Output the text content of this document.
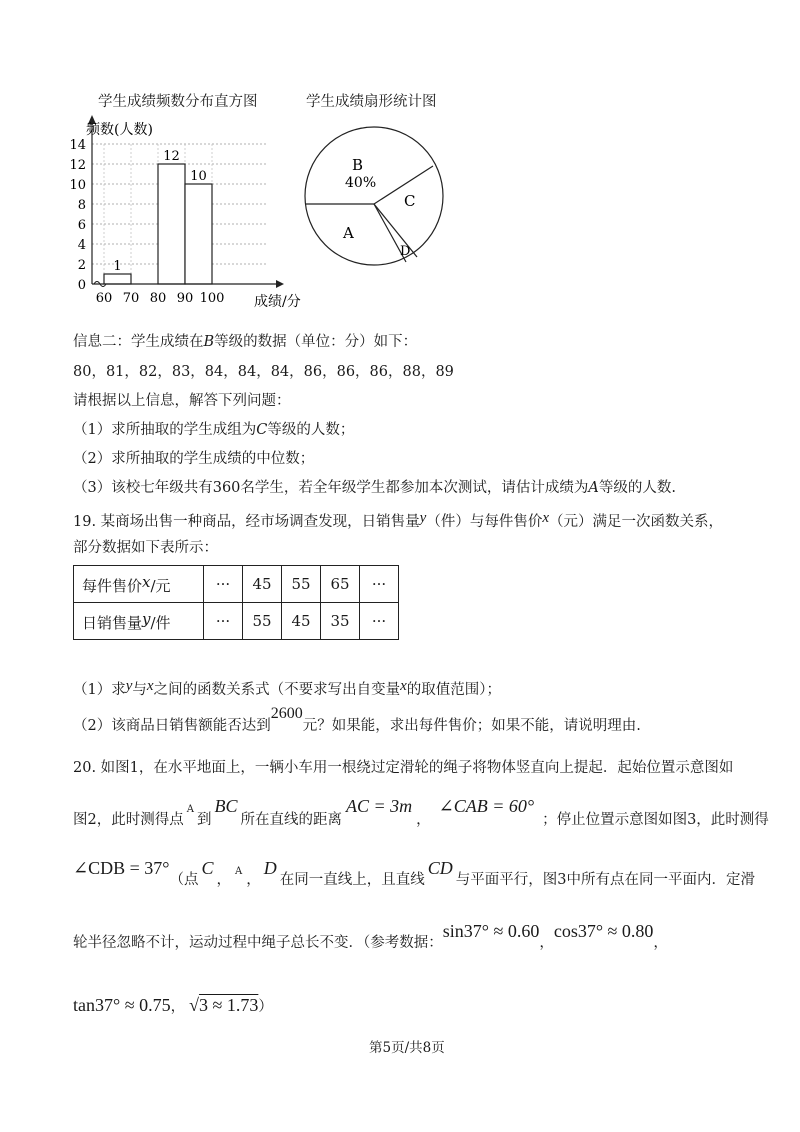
学生成绩频数分布直方图	学生成绩扇形统计图
0
2
4
6
8
10
12
14
60 70 80 90 100
1
12
10
频数(人数)
成绩/分
B
40%
C
A
D
信息二：学生成绩在B等级的数据（单位：分）如下：
80，81，82，83，84，84，84，86，86，86，88，89
请根据以上信息，解答下列问题：
（1）求所抽取的学生成组为C等级的人数；
（2）求所抽取的学生成绩的中位数；
（3）该校七年级共有360名学生，若全年级学生都参加本次测试，请估计成绩为A等级的人数.
19. 某商场出售一种商品，经市场调查发现，日销售量y（件）与每件售价x（元）满足一次函数关系，
部分数据如下表所示：
每件售价x/元	···	45	55	65	···
日销售量y/件	···	55	45	35	···
（1）求y与x之间的函数关系式（不要求写出自变量x的取值范围）；
（2）该商品日销售额能否达到2600元？如果能，求出每件售价；如果不能，请说明理由.
20. 如图1，在水平地面上，一辆小车用一根绕过定滑轮的绳子将物体竖直向上提起．起始位置示意图如
图2，此时测得点$^A$到BC所在直线的距离AC = 3m，∠CAB = 60°；停止位置示意图如图3，此时测得
∠CDB = 37°（点C，$^A$，D在同一直线上，且直线CD与平面平行，图3中所有点在同一平面内．定滑
轮半径忽略不计，运动过程中绳子总长不变．（参考数据：sin37° ≈ 0.60，cos37° ≈ 0.80，
tan37° ≈ 0.75， √3 ≈ 1.73）
第5页/共8页
